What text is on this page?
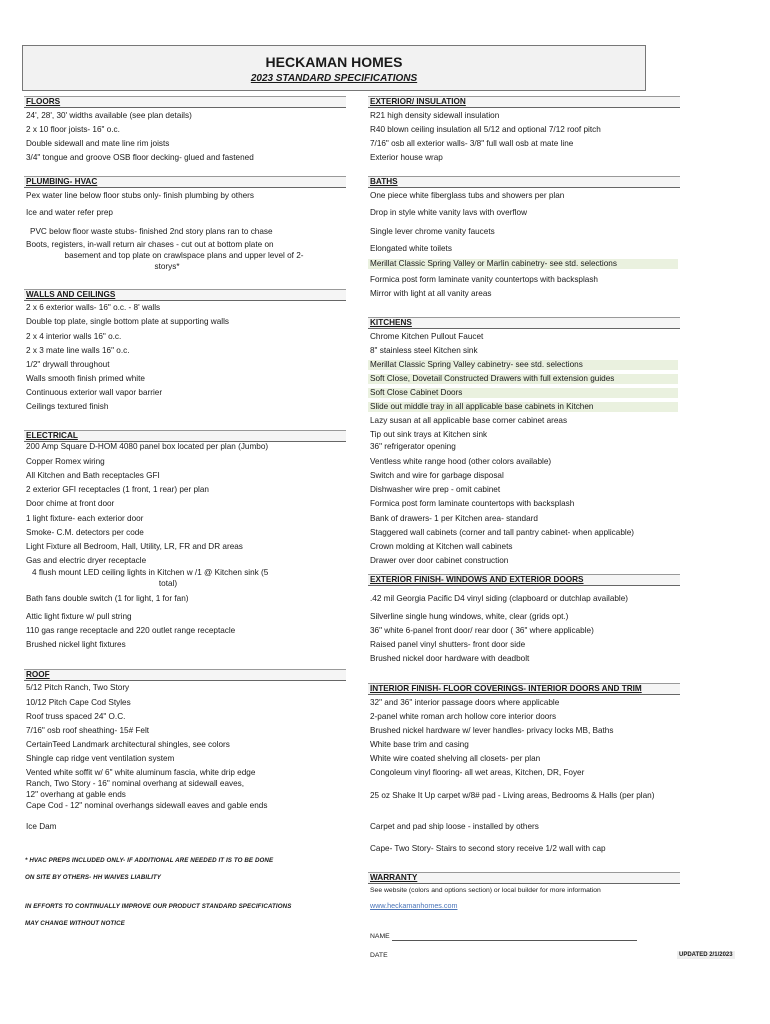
HECKAMAN HOMES
2023 STANDARD SPECIFICATIONS
FLOORS
24', 28', 30' widths available (see plan details)
2 x 10 floor joists- 16" o.c.
Double sidewall and mate line rim joists
3/4" tongue and groove OSB floor decking- glued and fastened
PLUMBING- HVAC
Pex water line below floor stubs only- finish plumbing by others
Ice and water refer prep
PVC below floor waste stubs- finished 2nd story plans ran to chase
Boots, registers, in-wall return air chases - cut out at bottom plate on
basement and top plate on crawlspace plans and upper level of 2-
storys*
WALLS AND CEILINGS
2 x 6 exterior walls- 16" o.c. - 8' walls
Double top plate, single bottom plate at supporting walls
2 x 4 interior walls 16" o.c.
2 x 3 mate line walls 16" o.c.
1/2" drywall throughout
Walls smooth finish primed white
Continuous exterior wall vapor barrier
Ceilings textured finish
ELECTRICAL
200 Amp Square D-HOM 4080 panel box located per plan (Jumbo)
Copper Romex wiring
All Kitchen and Bath receptacles GFI
2 exterior GFI receptacles (1 front, 1 rear) per plan
Door chime at front door
1 light fixture- each exterior door
Smoke- C.M. detectors per code
Light Fixture all Bedroom, Hall, Utility, LR, FR and DR areas
Gas and electric dryer receptacle
4 flush mount LED ceiling lights in Kitchen w /1 @ Kitchen sink (5
total)
Bath fans double switch (1 for light, 1 for fan)
Attic light fixture w/ pull string
110 gas range receptacle and 220 outlet range receptacle
Brushed nickel light fixtures
ROOF
5/12 Pitch Ranch, Two Story
10/12 Pitch Cape Cod Styles
Roof truss spaced 24" O.C.
7/16" osb roof sheathing- 15# Felt
CertainTeed Landmark architectural shingles, see colors
Shingle cap ridge vent ventilation system
Vented white soffit w/ 6" white aluminum fascia, white drip edge
Ranch, Two Story - 16" nominal overhang at sidewall eaves,
12" overhang at gable ends
Cape Cod - 12" nominal overhangs sidewall eaves and gable ends
Ice Dam
* HVAC PREPS INCLUDED ONLY- IF ADDITIONAL ARE NEEDED IT IS TO BE DONE
ON SITE BY OTHERS- HH WAIVES LIABILITY
IN EFFORTS TO CONTINUALLY IMPROVE OUR PRODUCT STANDARD SPECIFICATIONS
MAY CHANGE WITHOUT NOTICE
EXTERIOR/ INSULATION
R21 high density sidewall insulation
R40 blown ceiling insulation all 5/12 and optional 7/12 roof pitch
7/16" osb all exterior walls- 3/8" full wall osb at mate line
Exterior house wrap
BATHS
One piece white fiberglass tubs and showers per plan
Drop in style white vanity lavs with overflow
Single lever chrome vanity faucets
Elongated white toilets
Merillat Classic Spring Valley or Marlin cabinetry- see std. selections
Formica post form laminate vanity countertops with backsplash
Mirror with light at all vanity areas
KITCHENS
Chrome Kitchen Pullout Faucet
8" stainless steel Kitchen sink
Merillat Classic Spring Valley cabinetry- see std. selections
Soft Close, Dovetail Constructed Drawers with full extension guides
Soft Close Cabinet Doors
Slide out middle tray in all applicable base cabinets in Kitchen
Lazy susan at all applicable base corner cabinet areas
Tip out sink trays at Kitchen sink
36" refrigerator opening
Ventless white range hood (other colors available)
Switch and wire for garbage disposal
Dishwasher wire prep - omit cabinet
Formica post form laminate countertops with backsplash
Bank of drawers- 1 per Kitchen area- standard
Staggered wall cabinets (corner and tall pantry cabinet- when applicable)
Crown molding at Kitchen wall cabinets
Drawer over door cabinet construction
EXTERIOR FINISH- WINDOWS AND EXTERIOR DOORS
.42 mil Georgia Pacific D4 vinyl siding (clapboard or dutchlap available)
Silverline single hung windows, white, clear (grids opt.)
36" white 6-panel front door/ rear door ( 36" where applicable)
Raised panel vinyl shutters- front door side
Brushed nickel door hardware with deadbolt
INTERIOR FINISH- FLOOR COVERINGS- INTERIOR DOORS AND TRIM
32" and 36" interior passage doors where applicable
2-panel white roman arch hollow core interior doors
Brushed nickel hardware w/ lever handles- privacy locks MB, Baths
White base trim and casing
White wire coated shelving all closets- per plan
Congoleum vinyl flooring- all wet areas, Kitchen, DR, Foyer
25 oz Shake It Up carpet w/8# pad - Living areas, Bedrooms & Halls (per plan)
Carpet and pad ship loose - installed by others
Cape- Two Story- Stairs to second story receive 1/2 wall with cap
WARRANTY
See website (colors and options section) or local builder for more information
www.heckamanhomes.com
NAME
DATE	UPDATED 2/1/2023
